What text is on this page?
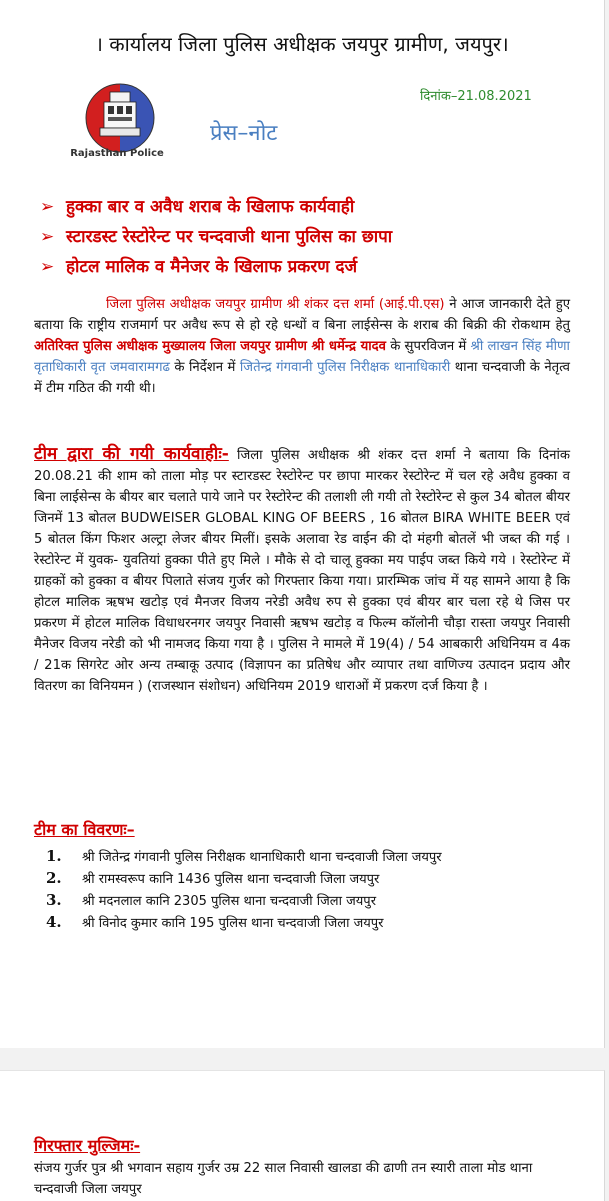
। कार्यालय जिला पुलिस अधीक्षक जयपुर ग्रामीण, जयपुर।
Rajasthan Police
दिनांक–21.08.2021
प्रेस–नोट
➢ हुक्का बार व अवैध शराब के खिलाफ कार्यवाही
➢ स्टारडस्ट रेस्टोरेन्ट पर चन्दवाजी थाना पुलिस का छापा
➢ होटल मालिक व मैनेजर के खिलाफ प्रकरण दर्ज
जिला पुलिस अधीक्षक जयपुर ग्रामीण श्री शंकर दत्त शर्मा (आई.पी.एस) ने आज जानकारी देते हुए बताया कि राष्ट्रीय राजमार्ग पर अवैध रूप से हो रहे धन्धों व बिना लाईसेन्स के शराब की बिक्री की रोकथाम हेतु अतिरिक्त पुलिस अधीक्षक मुख्यालय जिला जयपुर ग्रामीण श्री धर्मेन्द्र यादव के सुपरविजन में श्री लाखन सिंह मीणा वृताधिकारी वृत जमवारामगढ के निर्देशन में जितेन्द्र गंगवानी पुलिस निरीक्षक थानाधिकारी थाना चन्दवाजी के नेतृत्व में टीम गठित की गयी थी।
टीम द्वारा की गयी कार्यवाहीः- जिला पुलिस अधीक्षक श्री शंकर दत्त शर्मा ने बताया कि दिनांक 20.08.21 की शाम को ताला मोड़ पर स्टारडस्ट रेस्टोरेन्ट पर छापा मारकर रेस्टोरेन्ट में चल रहे अवैध हुक्का व बिना लाईसेन्स के बीयर बार चलाते पाये जाने पर रेस्टोरेन्ट की तलाशी ली गयी तो रेस्टोरेन्ट से कुल 34 बोतल बीयर जिनमें 13 बोतल BUDWEISER GLOBAL KING OF BEERS , 16 बोतल BIRA WHITE BEER एवं 5 बोतल किंग फिशर अल्ट्रा लेजर बीयर मिलीं। इसके अलावा रेड वाईन की दो मंहगी बोतलें भी जब्त की गई । रेस्टोरेन्ट में युवक- युवतियां हुक्का पीते हुए मिले । मौके से दो चालू हुक्का मय पाईप जब्त किये गये । रेस्टोरेन्ट में ग्राहकों को हुक्का व बीयर पिलाते संजय गुर्जर को गिरफ्तार किया गया। प्रारम्भिक जांच में यह सामने आया है कि होटल मालिक ऋषभ खटोड़ एवं मैनजर विजय नरेडी अवैध रुप से हुक्का एवं बीयर बार चला रहे थे जिस पर प्रकरण में होटल मालिक विधाधरनगर जयपुर निवासी ऋषभ खटोड़ व फिल्म कॉलोनी चौड़ा रास्ता जयपुर निवासी मैनेजर विजय नरेडी को भी नामजद किया गया है । पुलिस ने मामले में 19(4) / 54 आबकारी अधिनियम व 4क / 21क सिगरेट ओर अन्य तम्बाकू उत्पाद (विज्ञापन का प्रतिषेध और व्यापार तथा वाणिज्य उत्पादन प्रदाय और वितरण का विनियमन ) (राजस्थान संशोधन) अधिनियम 2019 धाराओं में प्रकरण दर्ज किया है ।
टीम का विवरणः–
1. श्री जितेन्द्र गंगवानी पुलिस निरीक्षक थानाधिकारी थाना चन्दवाजी जिला जयपुर
2. श्री रामस्वरूप कानि 1436 पुलिस थाना चन्दवाजी जिला जयपुर
3. श्री मदनलाल कानि 2305 पुलिस थाना चन्दवाजी जिला जयपुर
4. श्री विनोद कुमार कानि 195 पुलिस थाना चन्दवाजी जिला जयपुर
गिरफ्तार मुल्जिमः-
संजय गुर्जर पुत्र श्री भगवान सहाय गुर्जर उम्र 22 साल निवासी खालडा की ढाणी तन स्यारी ताला मोड थाना चन्दवाजी जिला जयपुर
